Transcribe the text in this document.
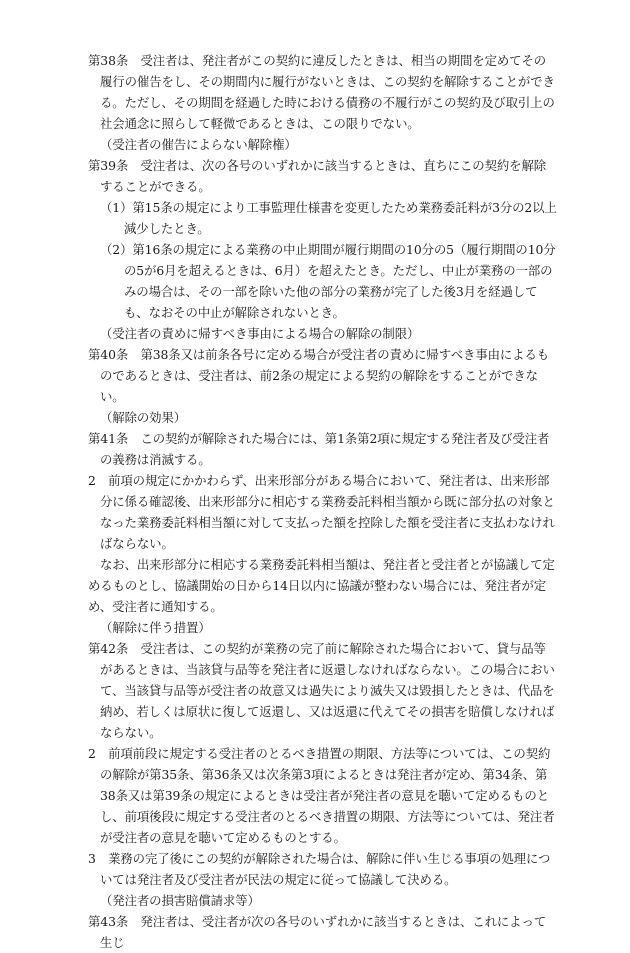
第38条　受注者は、発注者がこの契約に違反したときは、相当の期間を定めてその履行の催告をし、その期間内に履行がないときは、この契約を解除することができる。ただし、その期間を経過した時における債務の不履行がこの契約及び取引上の社会通念に照らして軽微であるときは、この限りでない。

（受注者の催告によらない解除権）

第39条　受注者は、次の各号のいずれかに該当するときは、直ちにこの契約を解除することができる。

（1）第15条の規定により工事監理仕様書を変更したため業務委託料が3分の2以上減少したとき。

（2）第16条の規定による業務の中止期間が履行期間の10分の5（履行期間の10分の5が6月を超えるときは、6月）を超えたとき。ただし、中止が業務の一部のみの場合は、その一部を除いた他の部分の業務が完了した後3月を経過しても、なおその中止が解除されないとき。

（受注者の責めに帰すべき事由による場合の解除の制限）

第40条　第38条又は前条各号に定める場合が受注者の責めに帰すべき事由によるものであるときは、受注者は、前2条の規定による契約の解除をすることができない。

（解除の効果）

第41条　この契約が解除された場合には、第1条第2項に規定する発注者及び受注者の義務は消滅する。

2　前項の規定にかかわらず、出来形部分がある場合において、発注者は、出来形部分に係る確認後、出来形部分に相応する業務委託料相当額から既に部分払の対象となった業務委託料相当額に対して支払った額を控除した額を受注者に支払わなければならない。

なお、出来形部分に相応する業務委託料相当額は、発注者と受注者とが協議して定めるものとし、協議開始の日から14日以内に協議が整わない場合には、発注者が定め、受注者に通知する。

（解除に伴う措置）

第42条　受注者は、この契約が業務の完了前に解除された場合において、貸与品等があるときは、当該貸与品等を発注者に返還しなければならない。この場合において、当該貸与品等が受注者の故意又は過失により滅失又は毀損したときは、代品を納め、若しくは原状に復して返還し、又は返還に代えてその損害を賠償しなければならない。

2　前項前段に規定する受注者のとるべき措置の期限、方法等については、この契約の解除が第35条、第36条又は次条第3項によるときは発注者が定め、第34条、第38条又は第39条の規定によるときは受注者が発注者の意見を聴いて定めるものとし、前項後段に規定する受注者のとるべき措置の期限、方法等については、発注者が受注者の意見を聴いて定めるものとする。

3　業務の完了後にこの契約が解除された場合は、解除に伴い生じる事項の処理については発注者及び受注者が民法の規定に従って協議して決める。

（発注者の損害賠償請求等）

第43条　発注者は、受注者が次の各号のいずれかに該当するときは、これによって生じ
